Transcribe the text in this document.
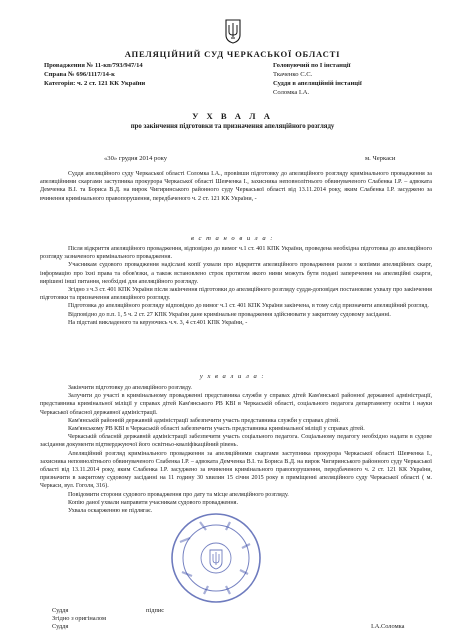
АПЕЛЯЦІЙНИЙ СУД ЧЕРКАСЬКОЇ ОБЛАСТІ
Провадження № 11-кп/793/947/14
Справа № 696/1117/14-к
Категорія: ч. 2 ст. 121 КК України
Головуючий по І інстанції
Ткаченко С.С.
Суддя в апеляційній інстанції
Соломка І.А.
У Х В А Л А
про закінчення підготовки та призначення апеляційного розгляду
«30» грудня 2014 року	м. Черкаси

Суддя апеляційного суду Черкаської області Соломка І.А., провівши підготовку до апеляційного розгляду кримінального провадження за апеляційними скаргами заступника прокурора Черкаської області Шевченка І., захисника неповнолітнього обвинуваченого Слабенка І.Р. – адвоката Демченка В.І. та Бориса В.Д. на вирок Чигиринського районного суду Черкаської області від 13.11.2014 року, яким Слабенка І.Р. засуджено за вчинення кримінального правопорушення, передбаченого ч. 2 ст. 121 КК України, -

в с т а н о в и л а :

Після відкриття апеляційного провадження, відповідно до вимог ч.1 ст. 401 КПК України, проведена необхідна підготовка до апеляційного розгляду зазначеного кримінального провадження.

Учасникам судового провадження надіслані копії ухвали про відкриття апеляційного провадження разом з копіями апеляційних скарг, інформацію про їхні права та обов'язки, а також встановлено строк протягом якого ними можуть бути подані заперечення на апеляційні скарги, вирішені інші питання, необхідні для апеляційного розгляду.

Згідно з ч.3 ст. 401 КПК України після закінчення підготовки до апеляційного розгляду суддя-доповідач постановляє ухвалу про закінчення підготовки та призначення апеляційного розгляду.

Підготовка до апеляційного розгляду відповідно до вимог ч.1 ст. 401 КПК України закінчена, в тому слід призначити апеляційний розгляд.

Відповідно до п.п. 1, 5 ч. 2 ст. 27 КПК України дане кримінальне провадження здійснювати у закритому судовому засіданні.

На підставі викладеного та керуючись ч.ч. 3, 4 ст.401 КПК України, -

у х в а л и л а :

Закінчити підготовку до апеляційного розгляду.

Залучити до участі в кримінальному провадженні представника служби у справах дітей Кам'янської районної державної адміністрації, представника кримінальної міліції у справах дітей Кам'янського РВ КВІ в Черкаській області, соціального педагога департаменту освіти і науки Черкаської обласної державної адміністрації.

Кам'янській районній державній адміністрації забезпечити участь представника служби у справах дітей.

Кам'янському РВ КВІ в Черкаській області забезпечити участь представника кримінальної міліції у справах дітей.

Черкаській обласній державній адміністрації забезпечити участь соціального педагога. Соціальному педагогу необхідно надати в судове засідання документи підтверджуючої його освітньо-кваліфікаційний рівень.

Апеляційний розгляд кримінального провадження за апеляційними скаргами заступника прокурора Черкаської області Шевченка І., захисника неповнолітнього обвинуваченого Слабенка І.Р. – адвоката Демченка В.І. та Бориса В.Д. на вирок Чигиринського районного суду Черкаської області від 13.11.2014 року, яким Слабенка І.Р. засуджено за вчинення кримінального правопорушення, передбаченого ч. 2 ст. 121 КК України, призначити в закритому судовому засіданні на 11 годину 30 хвилин 15 січня 2015 року в приміщенні апеляційного суду Черкаської області ( м. Черкаси, вул. Гоголя, 316).

Повідомити сторони судового провадження про дату та місце апеляційного розгляду.

Копію даної ухвали направити учасникам судового провадження.

Ухвала оскарженню не підлягає.

Суддя
Згідно з оригіналом
Суддя
підпис
І.А.Соломка
